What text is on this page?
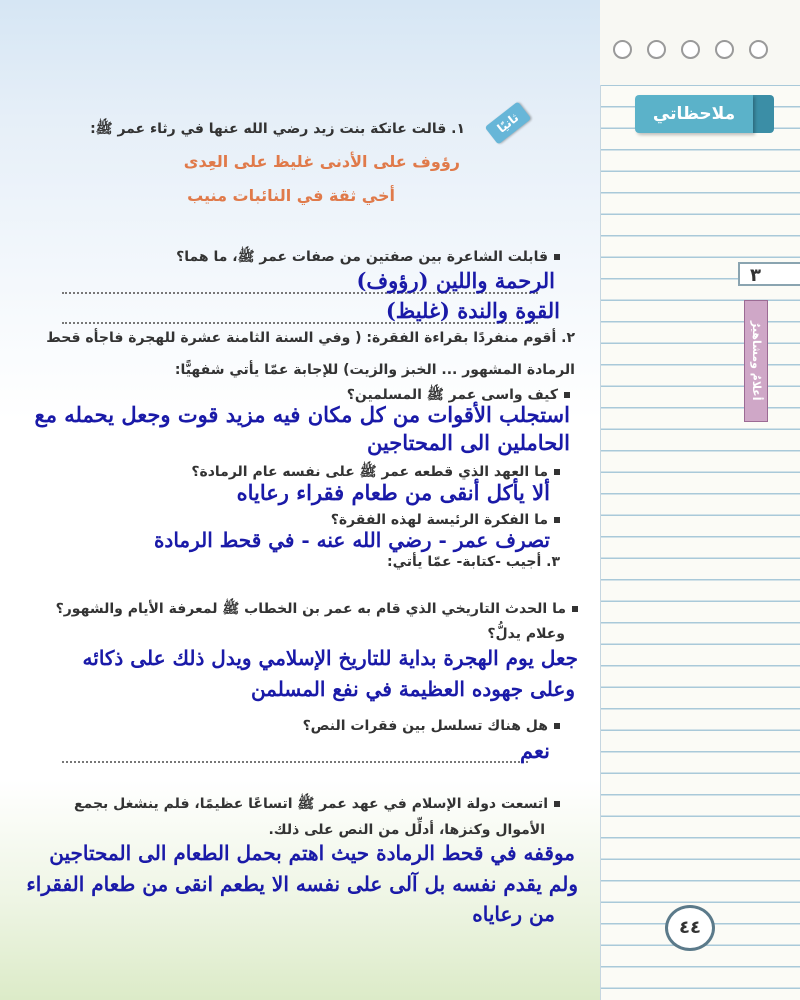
ملاحظاتي
٣
أعلامٌ ومشاهيرٌ
٤٤
ثانيًا
١. قالت عاتكة بنت زيد رضي الله عنها في رثاء عمر ﷺ:
رؤوف على الأدنى غليظ على العِدى
أخي ثقة في النائبات منيب
قابلت الشاعرة بين صفتين من صفات عمر ﷺ، ما هما؟
الرحمة واللين (رؤوف)
القوة والندة (غليظ)
٢. أقوم منفردًا بقراءة الفقرة: ( وفي السنة الثامنة عشرة للهجرة فاجأه قحط
الرمادة المشهور ... الخبز والزيت) للإجابة عمّا يأتي شفهيًّا:
كيف واسى عمر ﷺ المسلمين؟
استجلب الأقوات من كل مكان فيه مزيد قوت وجعل يحمله مع
الحاملين الى المحتاجين
ما العهد الذي قطعه عمر ﷺ على نفسه عام الرمادة؟
ألا يأكل أنقى من طعام فقراء رعاياه
ما الفكرة الرئيسة لهذه الفقرة؟
تصرف عمر - رضي الله عنه - في قحط الرمادة
٣. أجيب -كتابة- عمّا يأتي:
ما الحدث التاريخي الذي قام به عمر بن الخطاب ﷺ لمعرفة الأيام والشهور؟
وعلام يدلُّ؟
جعل يوم الهجرة بداية للتاريخ الإسلامي ويدل ذلك على ذكائه
وعلى جهوده العظيمة في نفع المسلمن
هل هناك تسلسل بين فقرات النص؟
نعم
اتسعت دولة الإسلام في عهد عمر ﷺ اتساعًا عظيمًا، فلم ينشغل بجمع
الأموال وكنزها، أدلِّل من النص على ذلك.
موقفه في قحط الرمادة حيث اهتم بحمل الطعام الى المحتاجين
ولم يقدم نفسه بل آلى على نفسه الا يطعم انقى من طعام الفقراء
من رعاياه
